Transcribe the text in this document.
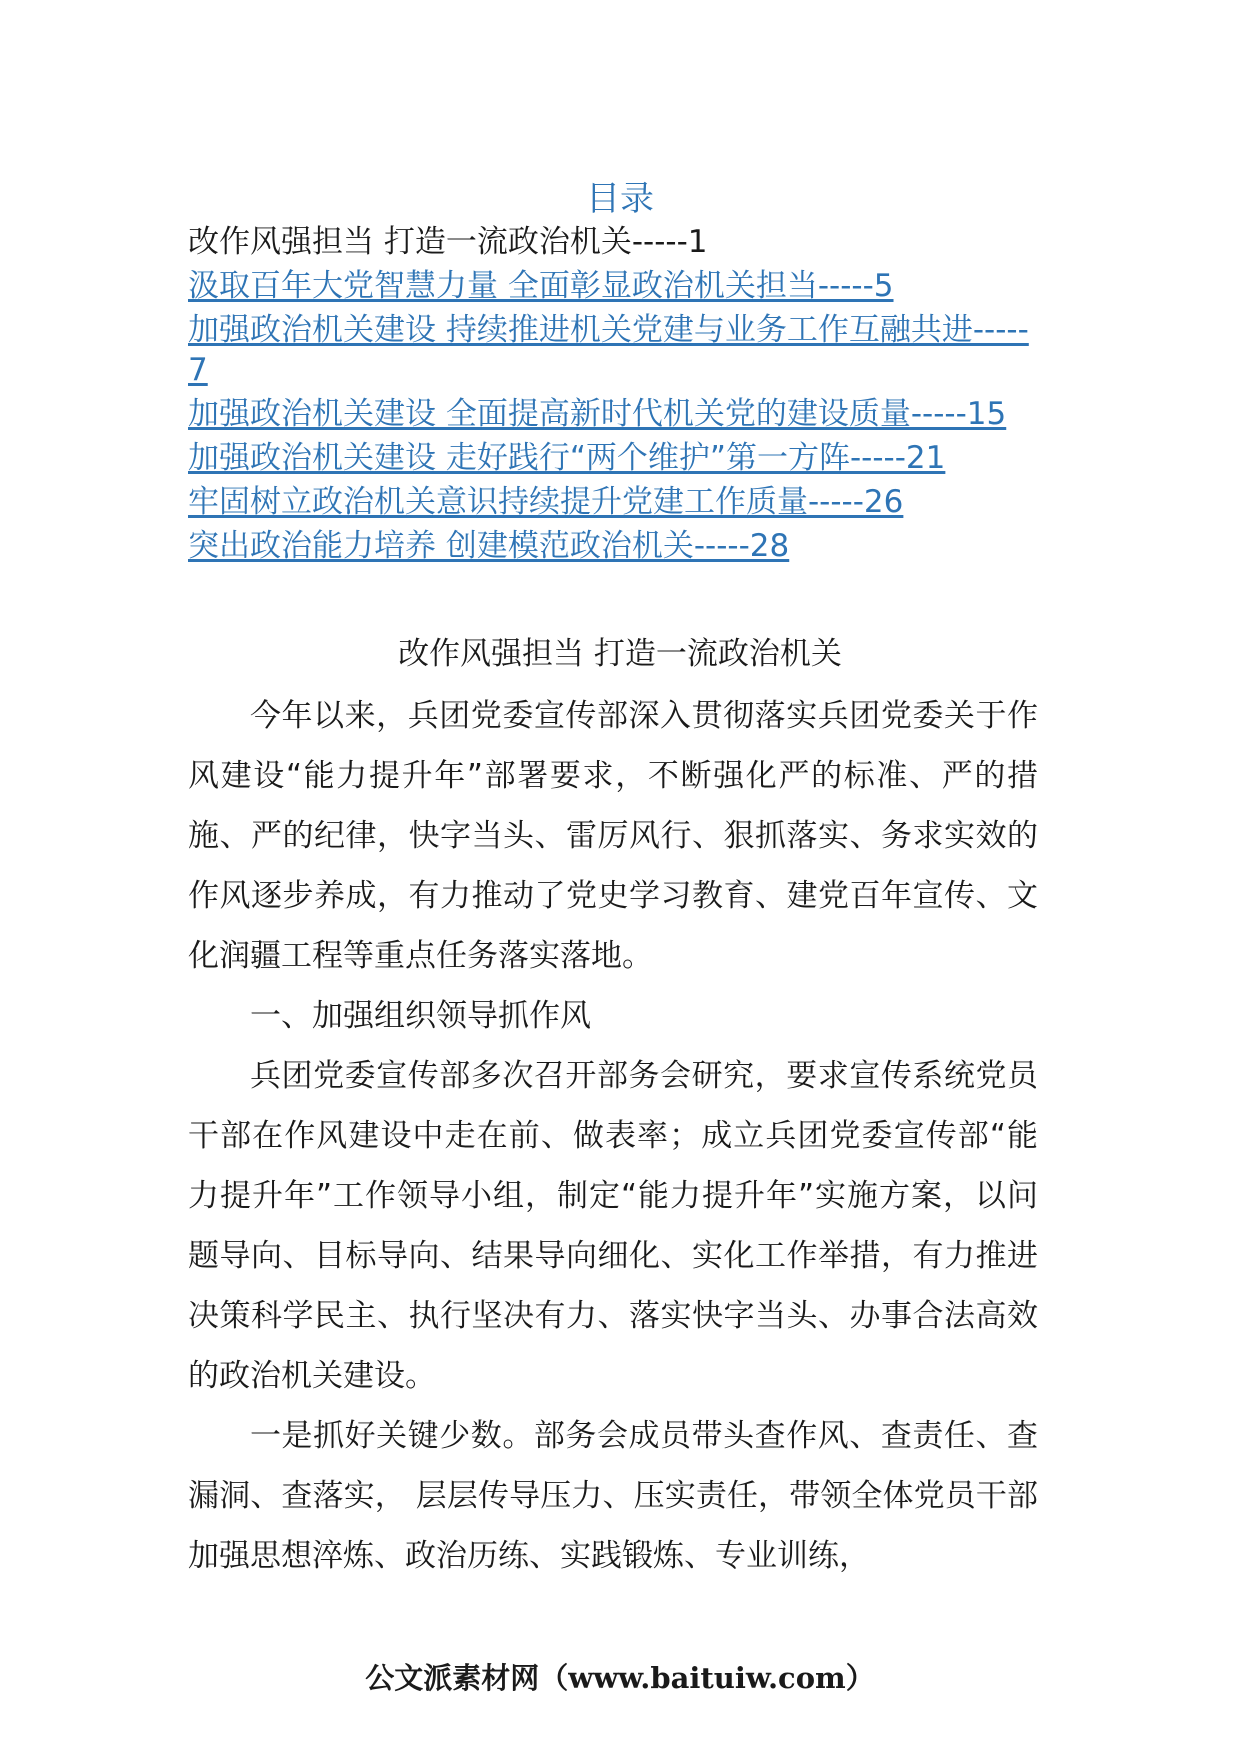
目录
改作风强担当 打造一流政治机关-----1
汲取百年大党智慧力量 全面彰显政治机关担当-----5
加强政治机关建设 持续推进机关党建与业务工作互融共进-----7
加强政治机关建设 全面提高新时代机关党的建设质量-----15
加强政治机关建设 走好践行“两个维护”第一方阵-----21
牢固树立政治机关意识持续提升党建工作质量-----26
突出政治能力培养 创建模范政治机关-----28
改作风强担当 打造一流政治机关

今年以来，兵团党委宣传部深入贯彻落实兵团党委关于作风建设“能力提升年”部署要求，不断强化严的标准、严的措施、严的纪律，快字当头、雷厉风行、狠抓落实、务求实效的作风逐步养成，有力推动了党史学习教育、建党百年宣传、文化润疆工程等重点任务落实落地。

一、加强组织领导抓作风

兵团党委宣传部多次召开部务会研究，要求宣传系统党员干部在作风建设中走在前、做表率；成立兵团党委宣传部“能力提升年”工作领导小组，制定“能力提升年”实施方案，以问题导向、目标导向、结果导向细化、实化工作举措，有力推进决策科学民主、执行坚决有力、落实快字当头、办事合法高效的政治机关建设。

一是抓好关键少数。部务会成员带头查作风、查责任、查漏洞、查落实， 层层传导压力、压实责任，带领全体党员干部加强思想淬炼、政治历练、实践锻炼、专业训练，

公文派素材网（www.baituiw.com）
